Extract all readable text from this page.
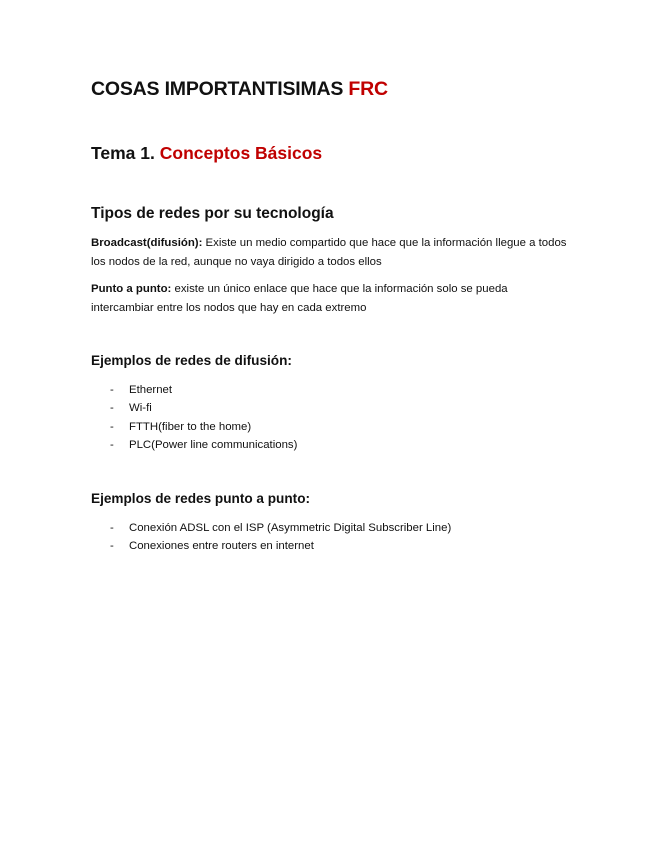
COSAS IMPORTANTISIMAS FRC
Tema 1. Conceptos Básicos
Tipos de redes por su tecnología

Broadcast(difusión): Existe un medio compartido que hace que la información llegue a todos los nodos de la red, aunque no vaya dirigido a todos ellos

Punto a punto: existe un único enlace que hace que la información solo se pueda intercambiar entre los nodos que hay en cada extremo

Ejemplos de redes de difusión:
- Ethernet
- Wi-fi
- FTTH(fiber to the home)
- PLC(Power line communications)
Ejemplos de redes punto a punto:
- Conexión ADSL con el ISP (Asymmetric Digital Subscriber Line)
- Conexiones entre routers en internet
